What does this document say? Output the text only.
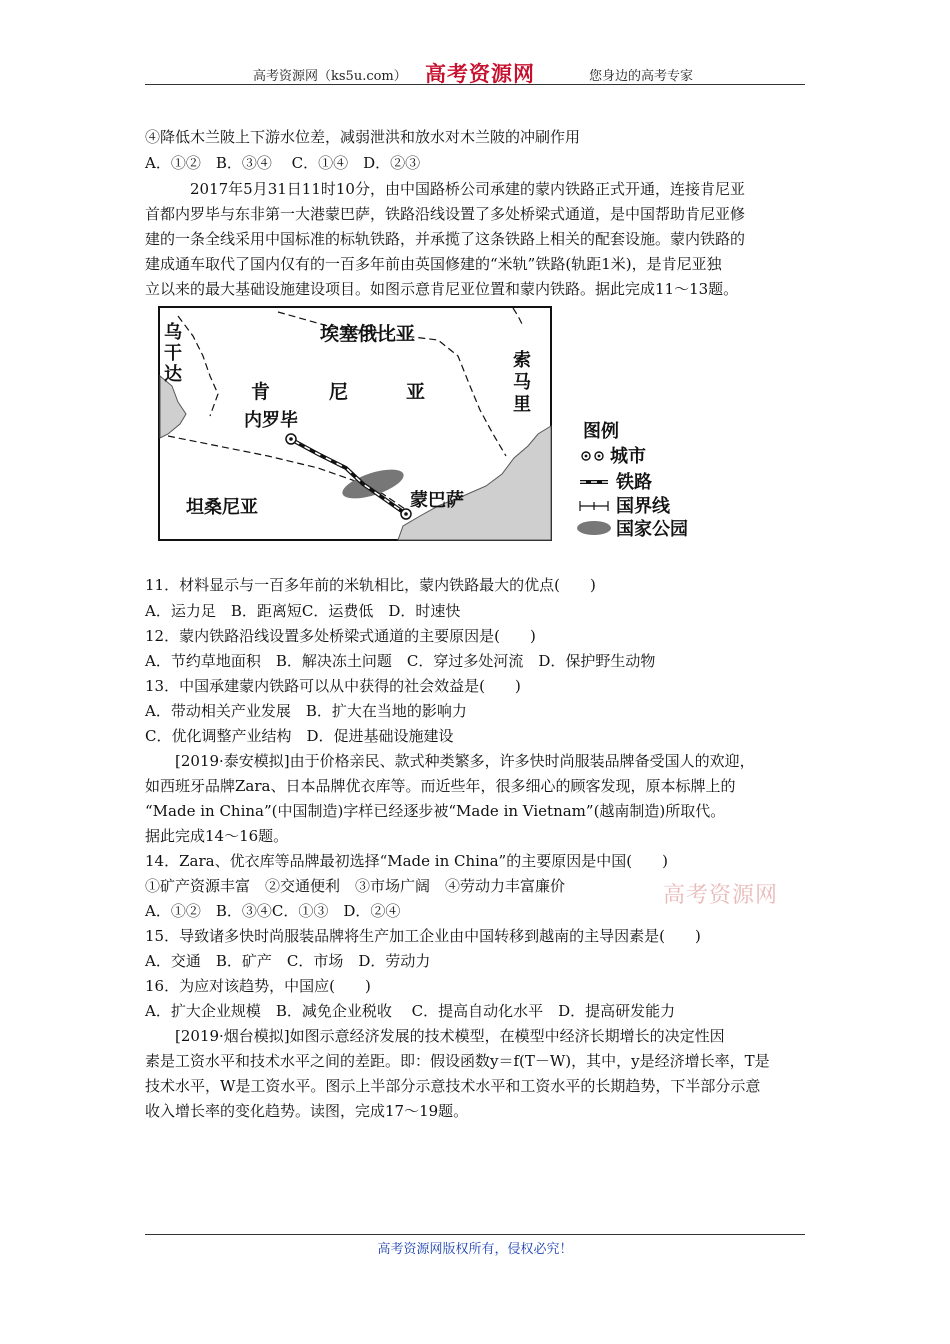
高考资源网（ks5u.com） 高考资源网	您身边的高考专家
④降低木兰陂上下游水位差，减弱泄洪和放水对木兰陂的冲刷作用
A．①②　B．③④　 C．①④　D．②③
2017年5月31日11时10分，由中国路桥公司承建的蒙内铁路正式开通，连接肯尼亚
首都内罗毕与东非第一大港蒙巴萨，铁路沿线设置了多处桥梁式通道，是中国帮助肯尼亚修
建的一条全线采用中国标准的标轨铁路，并承揽了这条铁路上相关的配套设施。蒙内铁路的
建成通车取代了国内仅有的一百多年前由英国修建的“米轨”铁路(轨距1米)，是肯尼亚独
立以来的最大基础设施建设项目。如图示意肯尼亚位置和蒙内铁路。据此完成11～13题。
埃塞俄比亚
乌
干
达
索
马
里
肯	尼	亚
内罗毕
蒙巴萨
坦桑尼亚
图例
城市
铁路
国界线
国家公园
11．材料显示与一百多年前的米轨相比，蒙内铁路最大的优点(　　)
A．运力足　B．距离短C．运费低　D．时速快
12．蒙内铁路沿线设置多处桥梁式通道的主要原因是(　　)
A．节约草地面积　B．解决冻土问题　C．穿过多处河流　D．保护野生动物
13．中国承建蒙内铁路可以从中获得的社会效益是(　　)
A．带动相关产业发展　B．扩大在当地的影响力
C．优化调整产业结构　D．促进基础设施建设
[2019·泰安模拟]由于价格亲民、款式种类繁多，许多快时尚服装品牌备受国人的欢迎，
如西班牙品牌Zara、日本品牌优衣库等。而近些年，很多细心的顾客发现，原本标牌上的
“Made in China”(中国制造)字样已经逐步被“Made in Vietnam”(越南制造)所取代。
据此完成14～16题。
14．Zara、优衣库等品牌最初选择“Made in China”的主要原因是中国(　　)
①矿产资源丰富　②交通便利　③市场广阔　④劳动力丰富廉价
A．①②　B．③④C．①③　D．②④
15．导致诸多快时尚服装品牌将生产加工企业由中国转移到越南的主导因素是(　　)
A．交通　B．矿产　C．市场　D．劳动力
16．为应对该趋势，中国应(　　)
A．扩大企业规模　B．减免企业税收　 C．提高自动化水平　D．提高研发能力
[2019·烟台模拟]如图示意经济发展的技术模型，在模型中经济长期增长的决定性因
素是工资水平和技术水平之间的差距。即：假设函数y＝f(T－W)，其中，y是经济增长率，T是
技术水平，W是工资水平。图示上半部分示意技术水平和工资水平的长期趋势，下半部分示意
收入增长率的变化趋势。读图，完成17～19题。
高考资源网
高考资源网版权所有，侵权必究！
